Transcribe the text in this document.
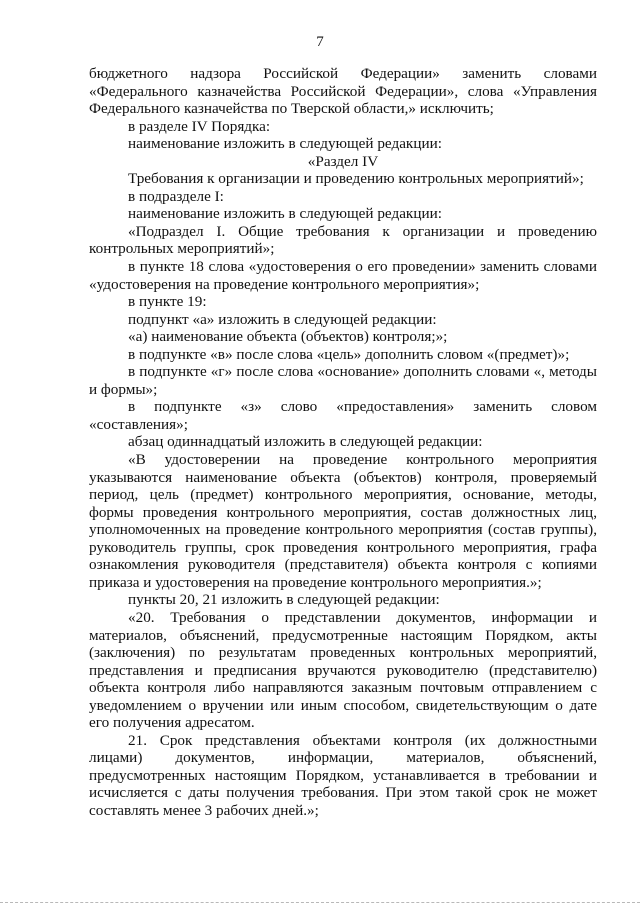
7

бюджетного надзора Российской Федерации» заменить словами «Федерального казначейства Российской Федерации», слова «Управления Федерального казначейства по Тверской области,» исключить;

в разделе IV Порядка:

наименование изложить в следующей редакции:

«Раздел IV

Требования к организации и проведению контрольных мероприятий»;

в подразделе I:

наименование изложить в следующей редакции:

«Подраздел I. Общие требования к организации и проведению контрольных мероприятий»;

в пункте 18 слова «удостоверения о его проведении» заменить словами «удостоверения на проведение контрольного мероприятия»;

в пункте 19:

подпункт «а» изложить в следующей редакции:

«а) наименование объекта (объектов) контроля;»;

в подпункте «в» после слова «цель» дополнить словом «(предмет)»;

в подпункте «г» после слова «основание» дополнить словами «, методы и формы»;

в подпункте «з» слово «предоставления» заменить словом «составления»;

абзац одиннадцатый изложить в следующей редакции:

«В удостоверении на проведение контрольного мероприятия указываются наименование объекта (объектов) контроля, проверяемый период, цель (предмет) контрольного мероприятия, основание, методы, формы проведения контрольного мероприятия, состав должностных лиц, уполномоченных на проведение контрольного мероприятия (состав группы), руководитель группы, срок проведения контрольного мероприятия, графа ознакомления руководителя (представителя) объекта контроля с копиями приказа и удостоверения на проведение контрольного мероприятия.»;

пункты 20, 21 изложить в следующей редакции:

«20. Требования о представлении документов, информации и материалов, объяснений, предусмотренные настоящим Порядком, акты (заключения) по результатам проведенных контрольных мероприятий, представления и предписания вручаются руководителю (представителю) объекта контроля либо направляются заказным почтовым отправлением с уведомлением о вручении или иным способом, свидетельствующим о дате его получения адресатом.

21. Срок представления объектами контроля (их должностными лицами) документов, информации, материалов, объяснений, предусмотренных настоящим Порядком, устанавливается в требовании и исчисляется с даты получения требования. При этом такой срок не может составлять менее 3 рабочих дней.»;
